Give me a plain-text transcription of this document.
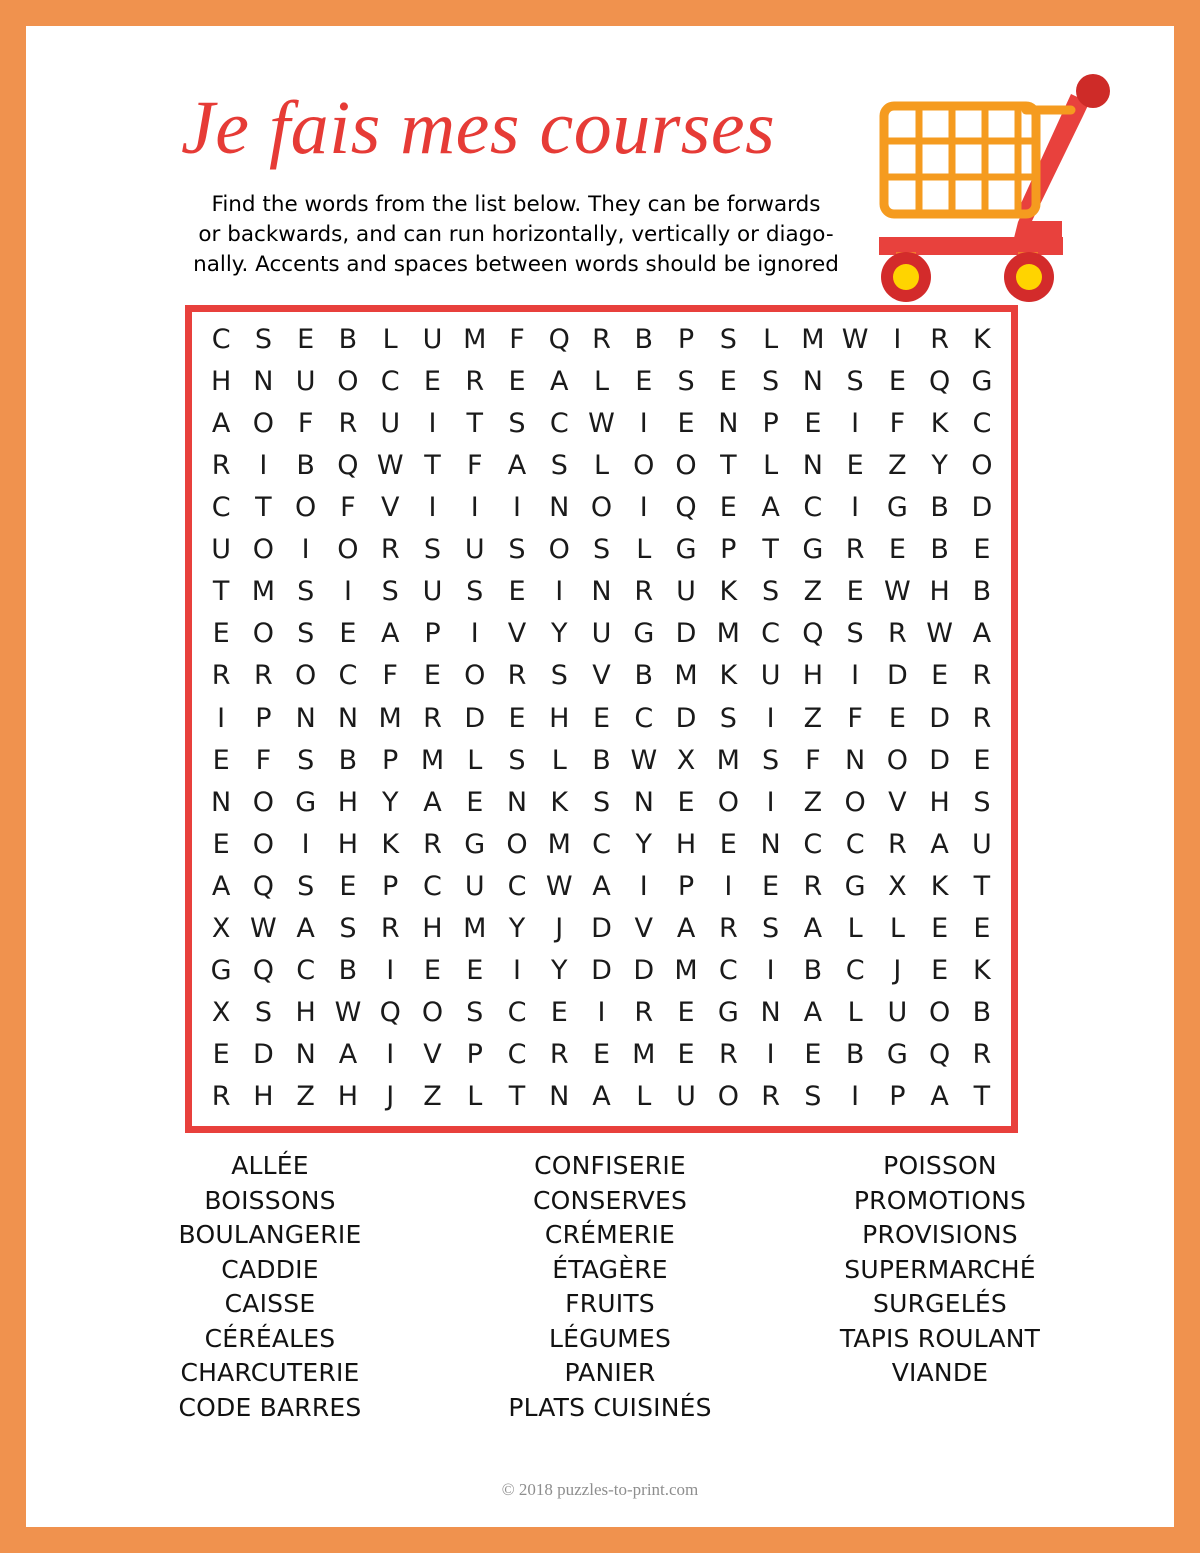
Je fais mes courses
Find the words from the list below. They can be forwards
or backwards, and can run horizontally, vertically or diago-
nally. Accents and spaces between words should be ignored
C S E B L U M F Q R B P S L M W I	R K
H N U O C E R E A L E S E S N S E Q G
A O F R U	I	T S C W I	E N P E	I	F K C
R	I	B Q W T F A S L O O T L N E Z Y O
C T O F V	I	I	I	N O	I	Q E A C	I	G B D
U O	I	O R S U S O S L G P T G R E B E
T M S	I	S U S E	I	N R U K S Z E W H B
E O S E A P	I	V Y U G D M C Q S R W A
R R O C F E O R S V B M K U H	I	D E R
I	P N N M R D E H E C D S	I	Z F E D R
E F S B P M L S L B W X M S F N O D E
N O G H Y A E N K S N E O	I	Z O V H S
E O	I	H K R G O M C Y H E N C C R A U
A Q S E P C U C W A	I	P	I	E R G X K T
X W A S R H M Y	J	D V A R S A L	L E E
G Q C B	I	E E	I	Y D D M C	I	B C	J	E K
X S H W Q O S C E	I	R E G N A L U O B
E D N A	I	V P C R E M E R	I	E B G Q R
R H Z H	J	Z L T N A L U O R S	I	P A T
ALLÉE
BOISSONS
BOULANGERIE
CADDIE
CAISSE
CÉRÉALES
CHARCUTERIE
CODE BARRES
CONFISERIE
CONSERVES
CRÉMERIE
ÉTAGÈRE
FRUITS
LÉGUMES
PANIER
PLATS CUISINÉS
POISSON
PROMOTIONS
PROVISIONS
SUPERMARCHÉ
SURGELÉS
TAPIS ROULANT
VIANDE
© 2018 puzzles-to-print.com
